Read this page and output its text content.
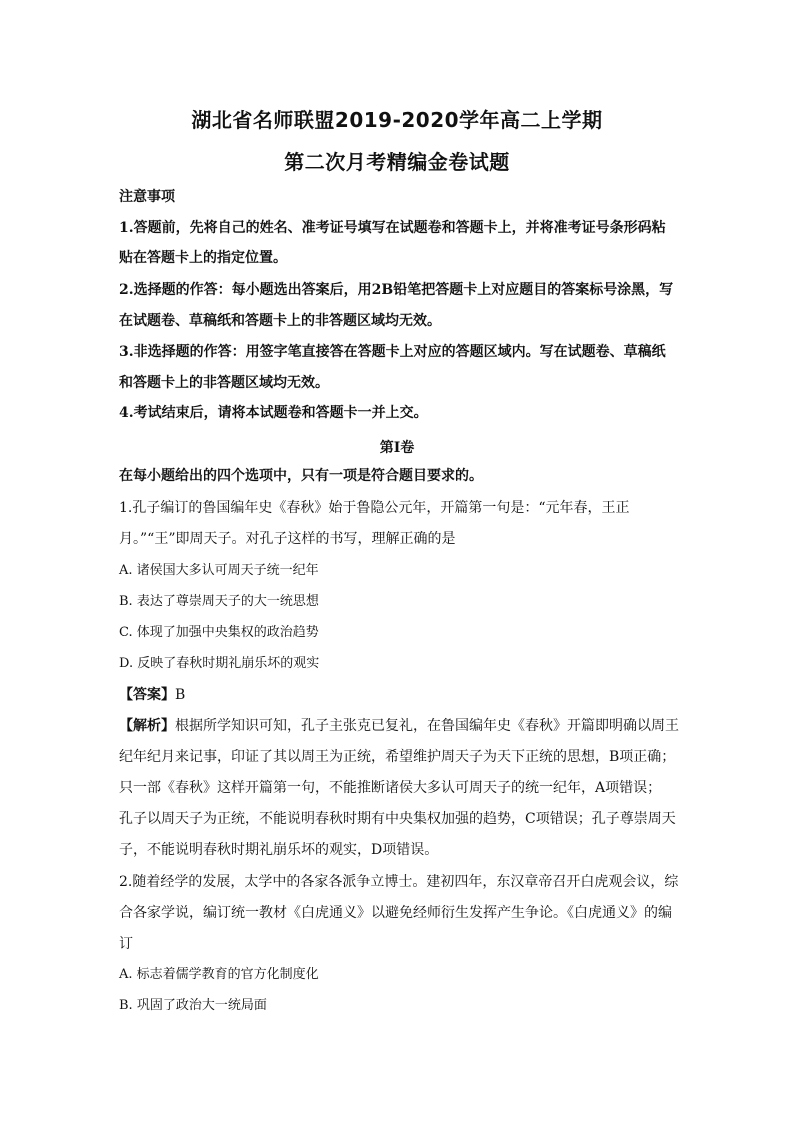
湖北省名师联盟2019-2020学年高二上学期
第二次月考精编金卷试题
注意事项
1.答题前，先将自己的姓名、准考证号填写在试题卷和答题卡上，并将准考证号条形码粘
贴在答题卡上的指定位置。
2.选择题的作答：每小题选出答案后，用2B铅笔把答题卡上对应题目的答案标号涂黑，写
在试题卷、草稿纸和答题卡上的非答题区域均无效。
3.非选择题的作答：用签字笔直接答在答题卡上对应的答题区域内。写在试题卷、草稿纸
和答题卡上的非答题区域均无效。
4.考试结束后，请将本试题卷和答题卡一并上交。
第Ⅰ卷
在每小题给出的四个选项中，只有一项是符合题目要求的。
1.孔子编订的鲁国编年史《春秋》始于鲁隐公元年，开篇第一句是：“元年春，王正
月。”“王”即周天子。对孔子这样的书写，理解正确的是
A. 诸侯国大多认可周天子统一纪年
B. 表达了尊崇周天子的大一统思想
C. 体现了加强中央集权的政治趋势
D. 反映了春秋时期礼崩乐坏的观实
【答案】B
【解析】根据所学知识可知，孔子主张克已复礼，在鲁国编年史《春秋》开篇即明确以周王
纪年纪月来记事，印证了其以周王为正统，希望维护周天子为天下正统的思想，B项正确；
只一部《春秋》这样开篇第一句，不能推断诸侯大多认可周天子的统一纪年，A项错误；
孔子以周天子为正统，不能说明春秋时期有中央集权加强的趋势，C项错误；孔子尊崇周天
子，不能说明春秋时期礼崩乐坏的观实，D项错误。
2.随着经学的发展，太学中的各家各派争立博士。建初四年，东汉章帝召开白虎观会议，综
合各家学说，编订统一教材《白虎通义》以避免经师衍生发挥产生争论。《白虎通义》的编
订
A. 标志着儒学教育的官方化制度化
B. 巩固了政治大一统局面
